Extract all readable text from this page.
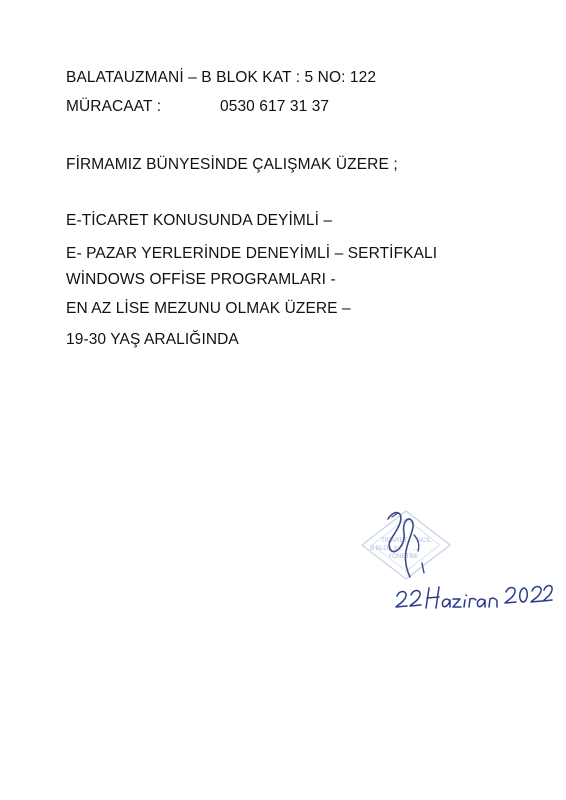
BALATAUZMANİ – B BLOK KAT : 5 NO: 122
MÜRACAAT :	0530 617 31 37
FİRMAMIZ BÜNYESİNDE ÇALIŞMAK ÜZERE ;
E-TİCARET KONUSUNDA DEYİMLİ –
E- PAZAR YERLERİNDE DENEYİMLİ – SERTİFKALI
WİNDOWS OFFİSE PROGRAMLARI -
EN AZ LİSE MEZUNU OLMAK ÜZERE –
19-30 YAŞ ARALIĞINDA
TİCARET ... SİCİL
B BLOK K... ... ...
YÖNETİMİ
